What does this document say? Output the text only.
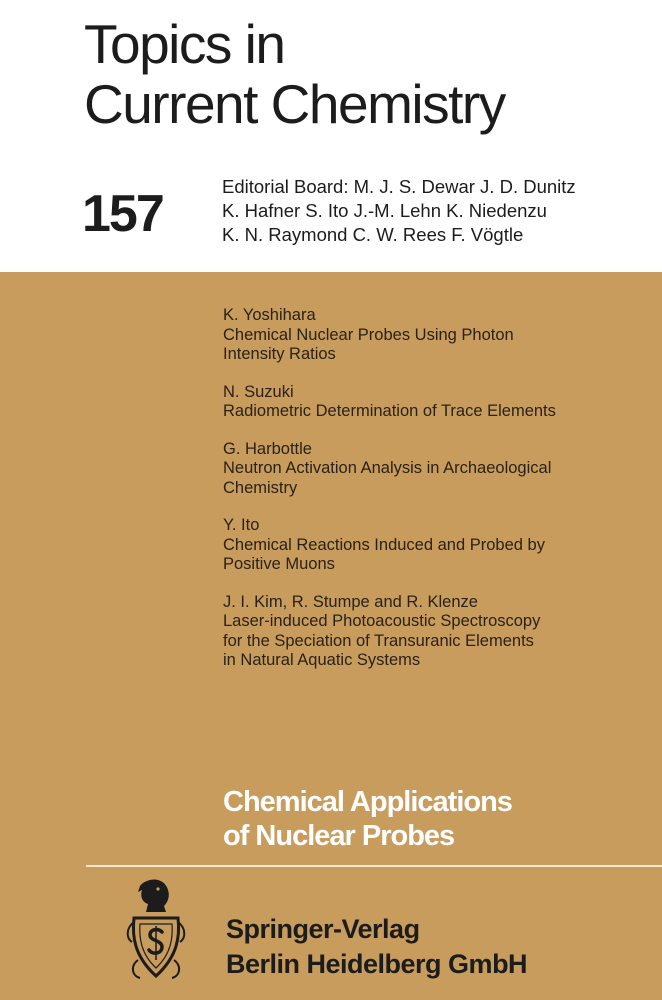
Topics in
Current Chemistry
157	Editorial Board: M. J. S. Dewar J. D. Dunitz
K. Hafner S. Ito J.-M. Lehn K. Niedenzu
K. N. Raymond C. W. Rees F. Vögtle
K. Yoshihara
Chemical Nuclear Probes Using Photon
Intensity Ratios
N. Suzuki
Radiometric Determination of Trace Elements
G. Harbottle
Neutron Activation Analysis in Archaeological
Chemistry
Y. Ito
Chemical Reactions Induced and Probed by
Positive Muons
J. I. Kim, R. Stumpe and R. Klenze
Laser-induced Photoacoustic Spectroscopy
for the Speciation of Transuranic Elements
in Natural Aquatic Systems
Chemical Applications
of Nuclear Probes
Springer-Verlag
Berlin Heidelberg GmbH
